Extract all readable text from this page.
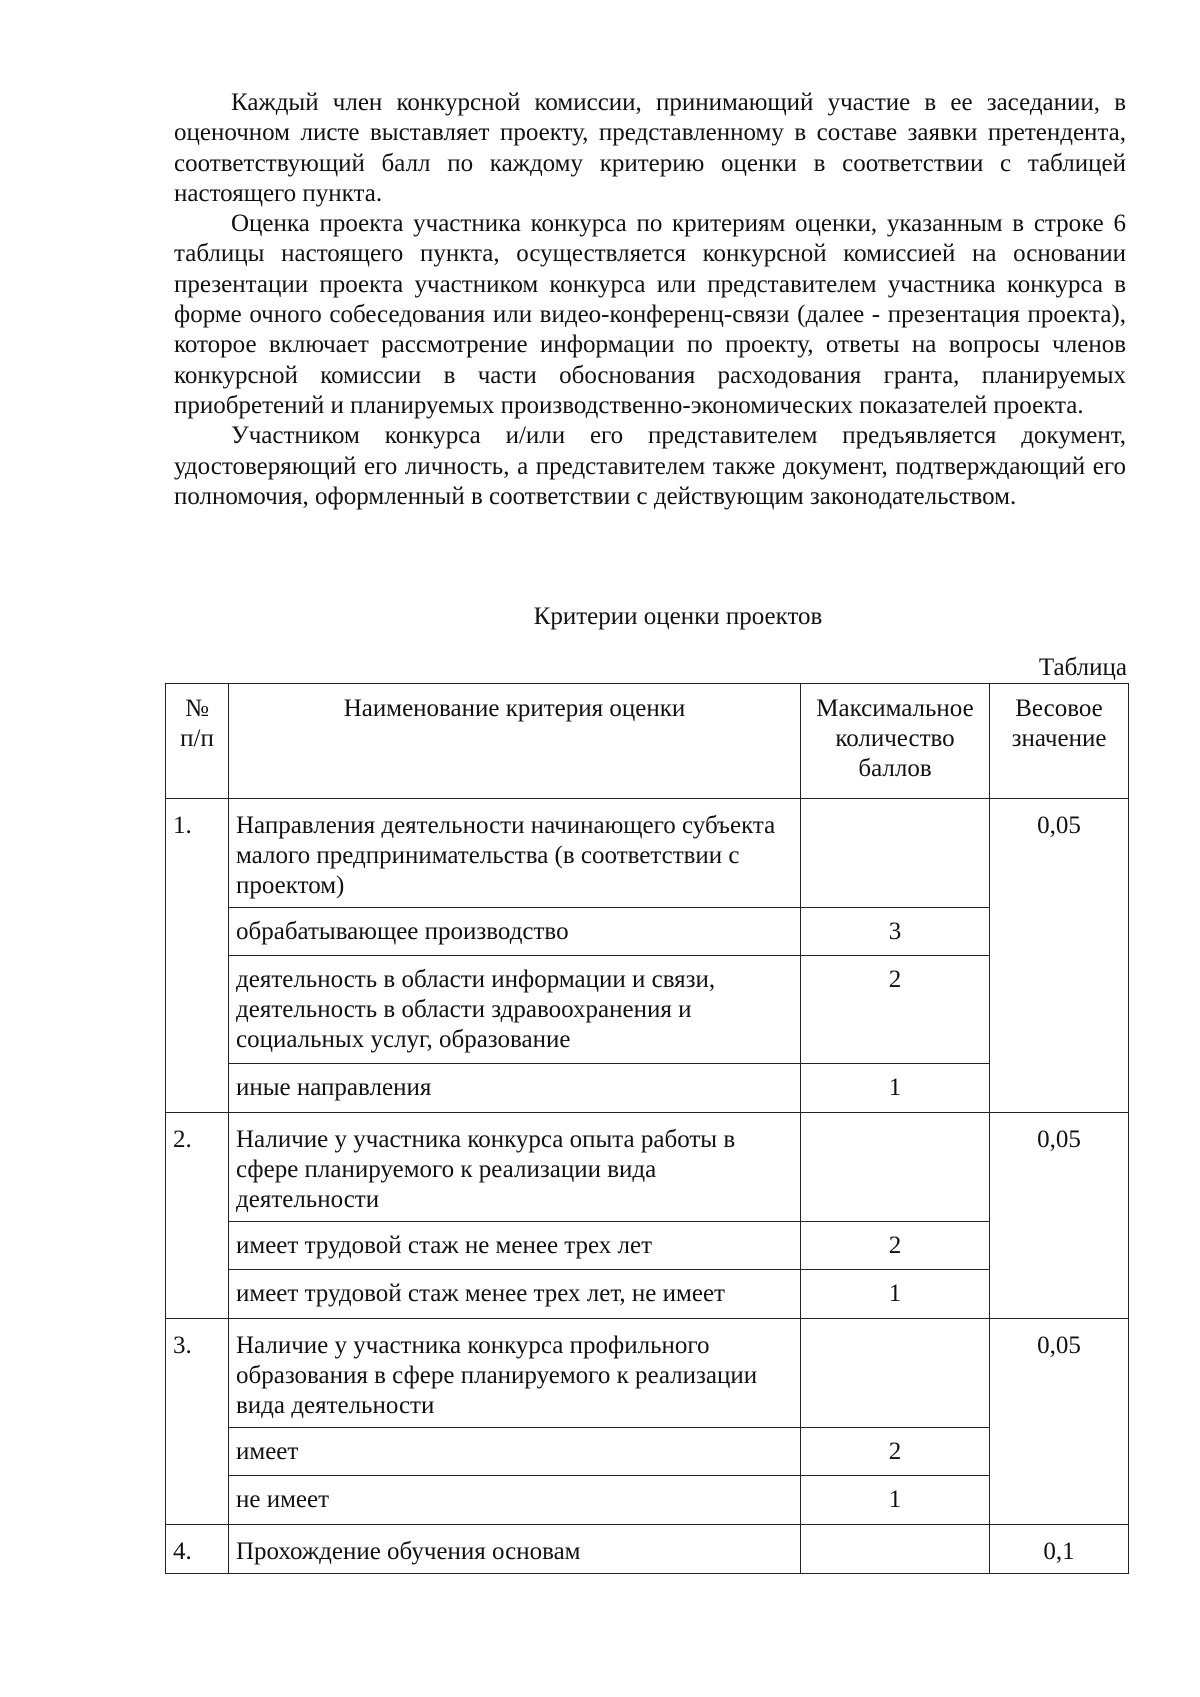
Каждый член конкурсной комиссии, принимающий участие в ее заседании, в оценочном листе выставляет проекту, представленному в составе заявки претендента, соответствующий балл по каждому критерию оценки в соответствии с таблицей настоящего пункта.

Оценка проекта участника конкурса по критериям оценки, указанным в строке 6 таблицы настоящего пункта, осуществляется конкурсной комиссией на основании презентации проекта участником конкурса или представителем участника конкурса в форме очного собеседования или видео-конференц-связи (далее - презентация проекта), которое включает рассмотрение информации по проекту, ответы на вопросы членов конкурсной комиссии в части обоснования расходования гранта, планируемых приобретений и планируемых производственно-экономических показателей проекта.

Участником конкурса и/или его представителем предъявляется документ, удостоверяющий его личность, а представителем также документ, подтверждающий его полномочия, оформленный в соответствии с действующим законодательством.

Критерии оценки проектов
Таблица
№ п/п	Наименование критерия оценки	Максимальное количество баллов	Весовое значение
1.	Направления деятельности начинающего субъекта малого предпринимательства (в соответствии с проектом)		0,05
	обрабатывающее производство	3	
	деятельность в области информации и связи, деятельность в области здравоохранения и социальных услуг, образование	2	
	иные направления	1	
2.	Наличие у участника конкурса опыта работы в сфере планируемого к реализации вида деятельности		0,05
	имеет трудовой стаж не менее трех лет	2	
	имеет трудовой стаж менее трех лет, не имеет	1	
3.	Наличие у участника конкурса профильного образования в сфере планируемого к реализации вида деятельности		0,05
	имеет	2	
	не имеет	1	
4.	Прохождение обучения основам		0,1
